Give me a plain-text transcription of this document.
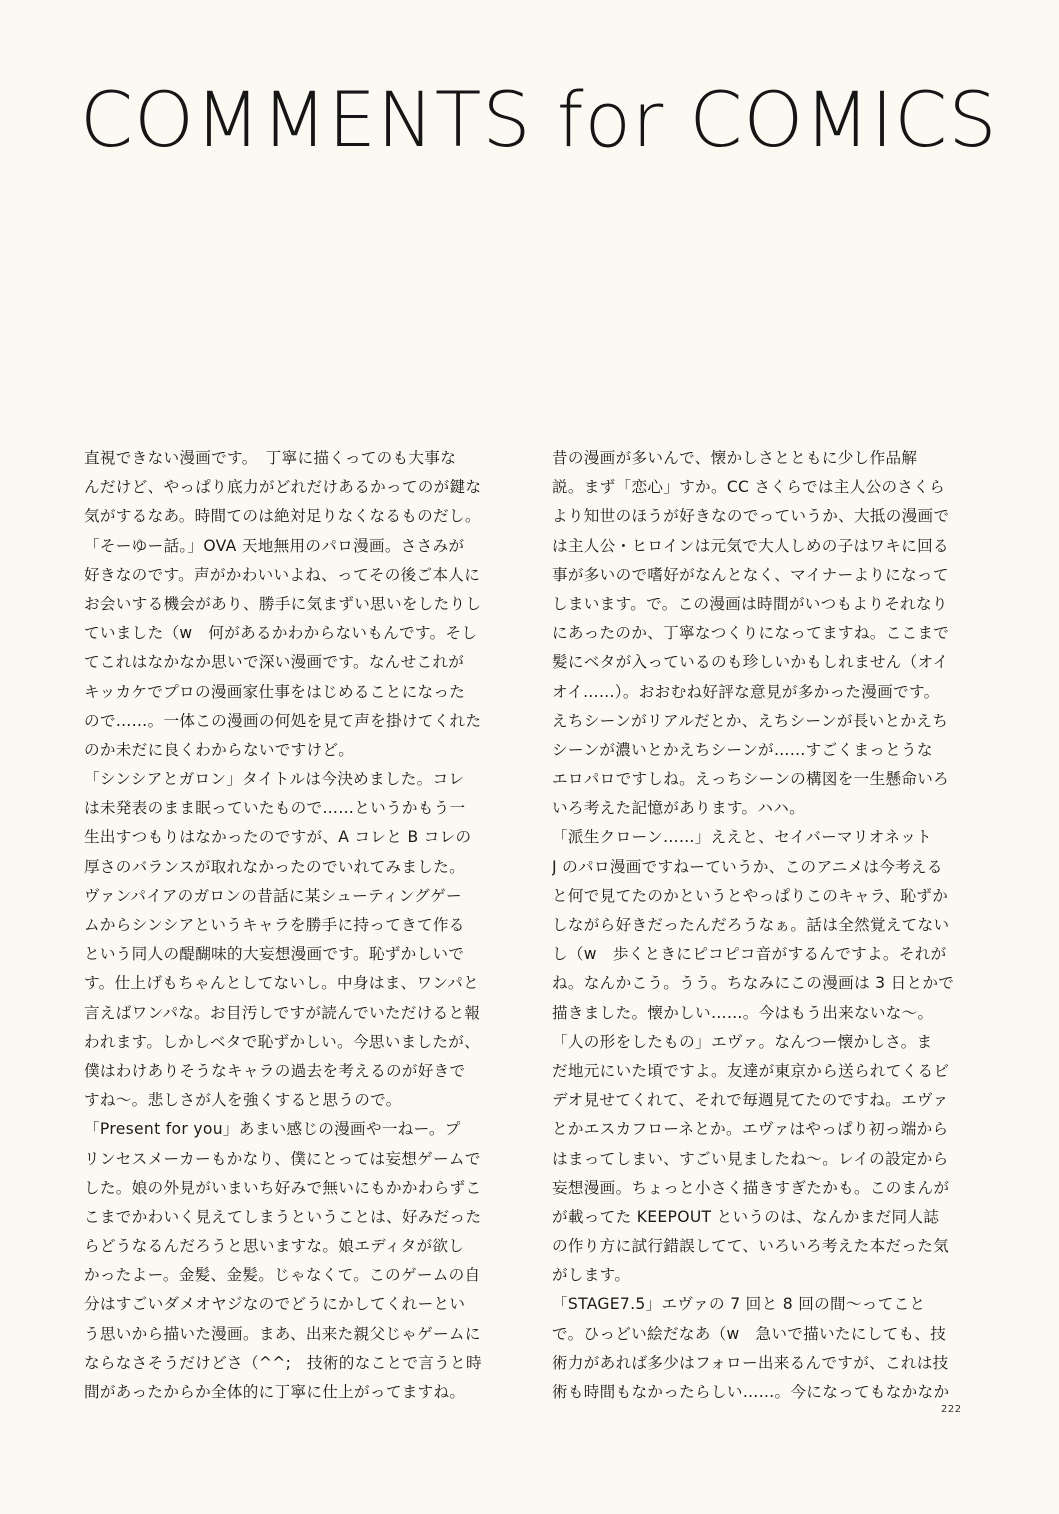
COMMENTS for COMICS
直視できない漫画です。　丁寧に描くってのも大事な
んだけど、やっぱり底力がどれだけあるかってのが鍵な
気がするなあ。時間てのは絶対足りなくなるものだし。
「そーゆー話。」OVA 天地無用のパロ漫画。ささみが
好きなのです。声がかわいいよね、ってその後ご本人に
お会いする機会があり、勝手に気まずい思いをしたりし
ていました（w　何があるかわからないもんです。そし
てこれはなかなか思いで深い漫画です。なんせこれが
キッカケでプロの漫画家仕事をはじめることになった
ので……。一体この漫画の何処を見て声を掛けてくれた
のか未だに良くわからないですけど。
「シンシアとガロン」タイトルは今決めました。コレ
は未発表のまま眠っていたもので……というかもう一
生出すつもりはなかったのですが、A コレと B コレの
厚さのバランスが取れなかったのでいれてみました。
ヴァンパイアのガロンの昔話に某シューティングゲー
ムからシンシアというキャラを勝手に持ってきて作る
という同人の醍醐味的大妄想漫画です。恥ずかしいで
す。仕上げもちゃんとしてないし。中身はま、ワンパと
言えばワンパな。お目汚しですが読んでいただけると報
われます。しかしベタで恥ずかしい。今思いましたが、
僕はわけありそうなキャラの過去を考えるのが好きで
すね～。悲しさが人を強くすると思うので。
「Present for you」あまい感じの漫画や一ねー。プ
リンセスメーカーもかなり、僕にとっては妄想ゲームで
した。娘の外見がいまいち好みで無いにもかかわらずこ
こまでかわいく見えてしまうということは、好みだった
らどうなるんだろうと思いますな。娘エディタが欲し
かったよー。金髪、金髪。じゃなくて。このゲームの自
分はすごいダメオヤジなのでどうにかしてくれーとい
う思いから描いた漫画。まあ、出来た親父じゃゲームに
ならなさそうだけどさ（^^;　技術的なことで言うと時
間があったからか全体的に丁寧に仕上がってますね。
昔の漫画が多いんで、懐かしさとともに少し作品解
説。まず「恋心」すか。CC さくらでは主人公のさくら
より知世のほうが好きなのでっていうか、大抵の漫画で
は主人公・ヒロインは元気で大人しめの子はワキに回る
事が多いので嗜好がなんとなく、マイナーよりになって
しまいます。で。この漫画は時間がいつもよりそれなり
にあったのか、丁寧なつくりになってますね。ここまで
髪にベタが入っているのも珍しいかもしれません（オイ
オイ……）。おおむね好評な意見が多かった漫画です。
えちシーンがリアルだとか、えちシーンが長いとかえち
シーンが濃いとかえちシーンが……すごくまっとうな
エロパロですしね。えっちシーンの構図を一生懸命いろ
いろ考えた記憶があります。ハハ。
「派生クローン……」ええと、セイバーマリオネット
J のパロ漫画ですねーていうか、このアニメは今考える
と何で見てたのかというとやっぱりこのキャラ、恥ずか
しながら好きだったんだろうなぁ。話は全然覚えてない
し（w　歩くときにピコピコ音がするんですよ。それが
ね。なんかこう。うう。ちなみにこの漫画は 3 日とかで
描きました。懐かしい……。今はもう出来ないな～。
「人の形をしたもの」エヴァ。なんつー懐かしさ。ま
だ地元にいた頃ですよ。友達が東京から送られてくるビ
デオ見せてくれて、それで毎週見てたのですね。エヴァ
とかエスカフローネとか。エヴァはやっぱり初っ端から
はまってしまい、すごい見ましたね～。レイの設定から
妄想漫画。ちょっと小さく描きすぎたかも。このまんが
が載ってた KEEPOUT というのは、なんかまだ同人誌
の作り方に試行錯誤してて、いろいろ考えた本だった気
がします。
「STAGE7.5」エヴァの 7 回と 8 回の間～ってこと
で。ひっどい絵だなあ（w　急いで描いたにしても、技
術力があれば多少はフォロー出来るんですが、これは技
術も時間もなかったらしい……。今になってもなかなか
222
